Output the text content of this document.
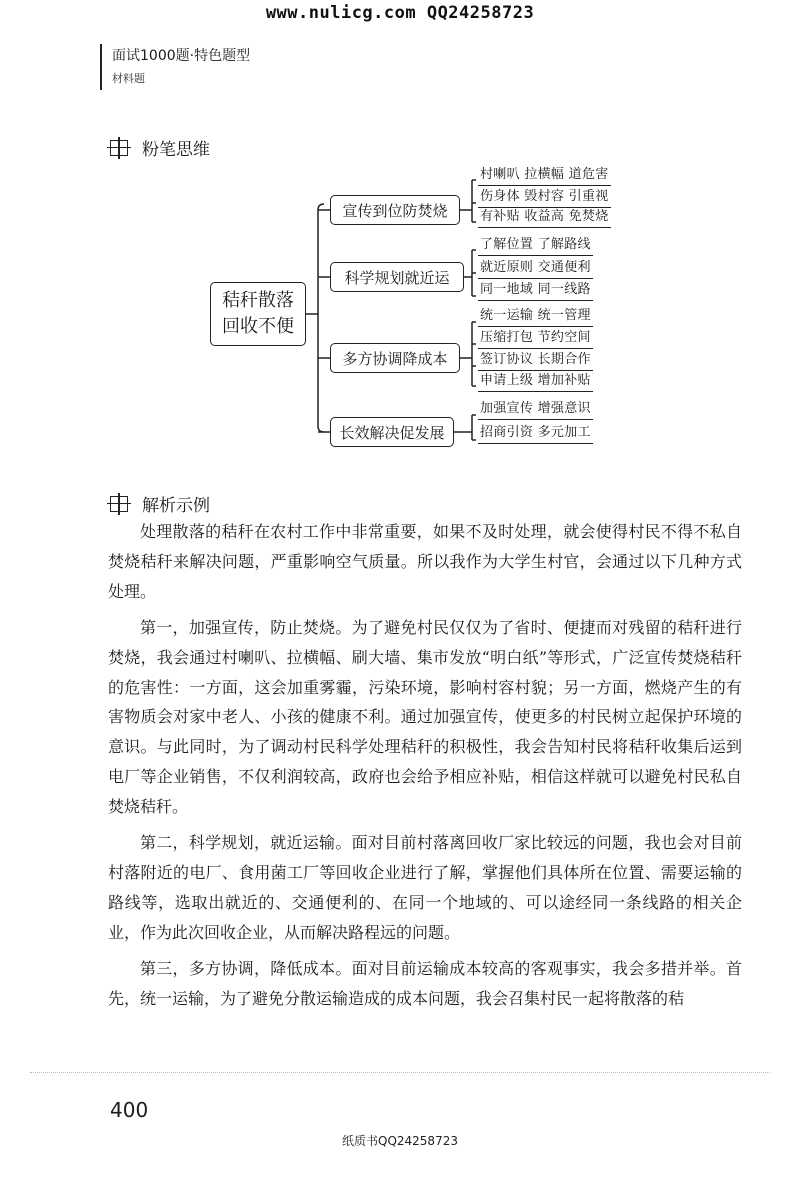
www.nulicg.com QQ24258723
面试1000题·特色题型
材料题
粉笔思维
秸秆散落
回收不便
宣传到位防焚烧
科学规划就近运
多方协调降成本
长效解决促发展
村喇叭 拉横幅 道危害
伤身体 毁村容 引重视
有补贴 收益高 免焚烧
了解位置 了解路线
就近原则 交通便利
同一地域 同一线路
统一运输 统一管理
压缩打包 节约空间
签订协议 长期合作
申请上级 增加补贴
加强宣传 增强意识
招商引资 多元加工
解析示例

处理散落的秸秆在农村工作中非常重要，如果不及时处理，就会使得村民不得不私自焚烧秸秆来解决问题，严重影响空气质量。所以我作为大学生村官，会通过以下几种方式处理。

第一，加强宣传，防止焚烧。为了避免村民仅仅为了省时、便捷而对残留的秸秆进行焚烧，我会通过村喇叭、拉横幅、刷大墙、集市发放“明白纸”等形式，广泛宣传焚烧秸秆的危害性：一方面，这会加重雾霾，污染环境，影响村容村貌；另一方面，燃烧产生的有害物质会对家中老人、小孩的健康不利。通过加强宣传，使更多的村民树立起保护环境的意识。与此同时，为了调动村民科学处理秸秆的积极性，我会告知村民将秸秆收集后运到电厂等企业销售，不仅利润较高，政府也会给予相应补贴，相信这样就可以避免村民私自焚烧秸秆。

第二，科学规划，就近运输。面对目前村落离回收厂家比较远的问题，我也会对目前村落附近的电厂、食用菌工厂等回收企业进行了解，掌握他们具体所在位置、需要运输的路线等，选取出就近的、交通便利的、在同一个地域的、可以途经同一条线路的相关企业，作为此次回收企业，从而解决路程远的问题。

第三，多方协调，降低成本。面对目前运输成本较高的客观事实，我会多措并举。首先，统一运输，为了避免分散运输造成的成本问题，我会召集村民一起将散落的秸

400
纸质书QQ24258723
